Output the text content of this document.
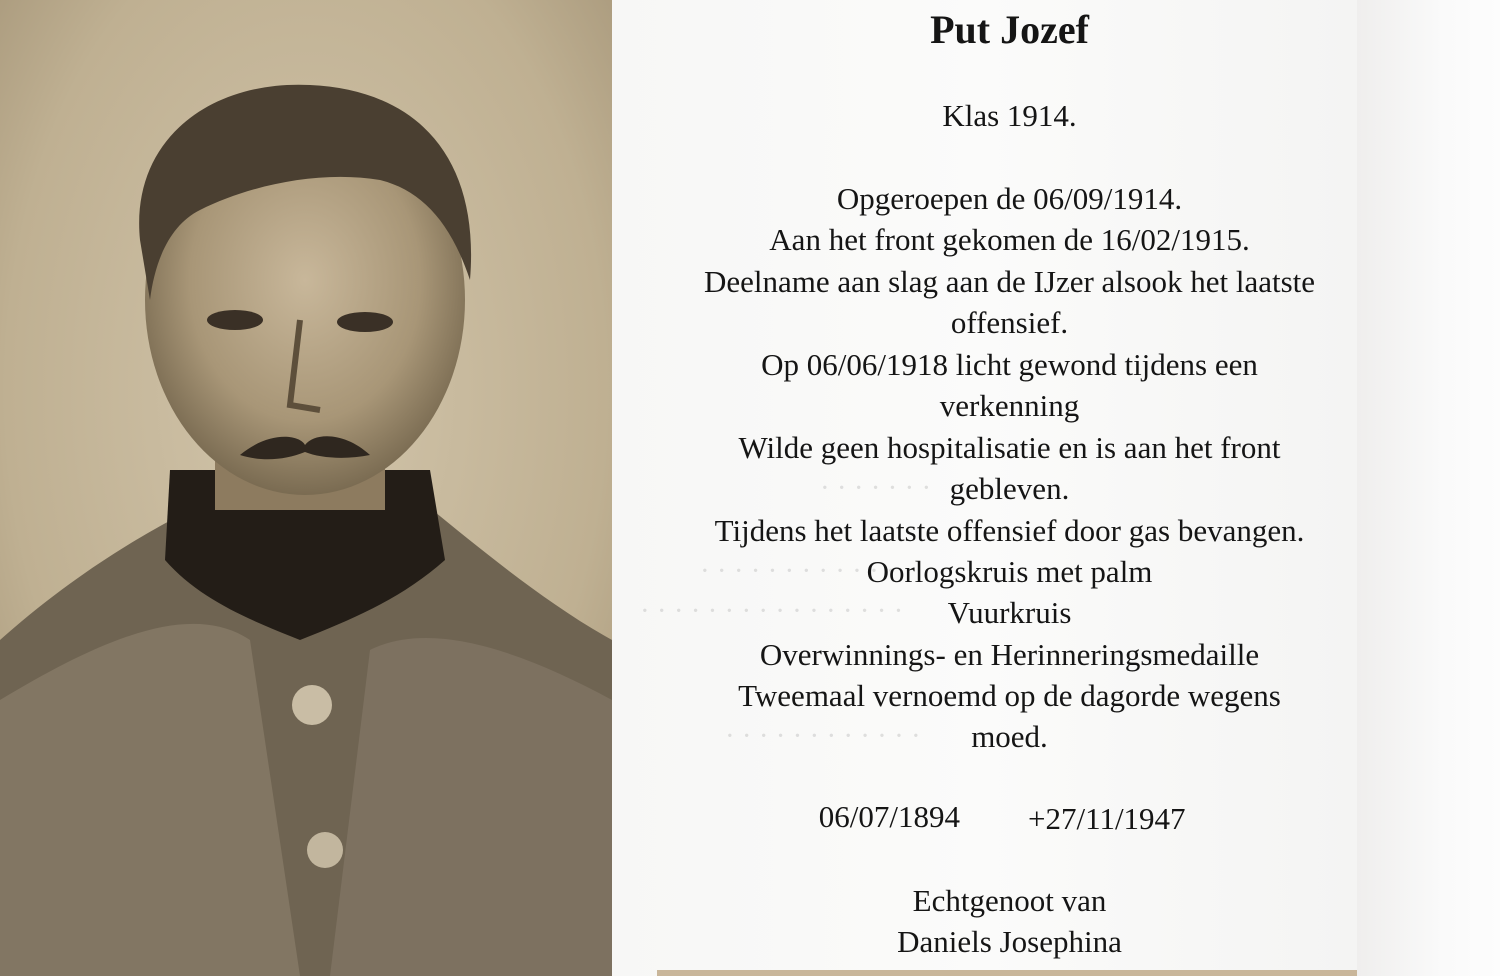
· · · · · · ·
· · · · · · · · · · · ·
· · · · · · · · · · · · · · · ·
· · · · · · · · · · · ·
Put Jozef
Klas 1914.
Opgeroepen de 06/09/1914.
Aan het front gekomen de 16/02/1915.
Deelname aan slag aan de IJzer alsook het laatste
offensief.
Op 06/06/1918 licht gewond tijdens een
verkenning
Wilde geen hospitalisatie en is aan het front
gebleven.
Tijdens het laatste offensief door gas bevangen.
Oorlogskruis met palm
Vuurkruis
Overwinnings- en Herinneringsmedaille
Tweemaal vernoemd op de dagorde wegens
moed.
06/07/1894 +27/11/1947
Echtgenoot van
Daniels Josephina
